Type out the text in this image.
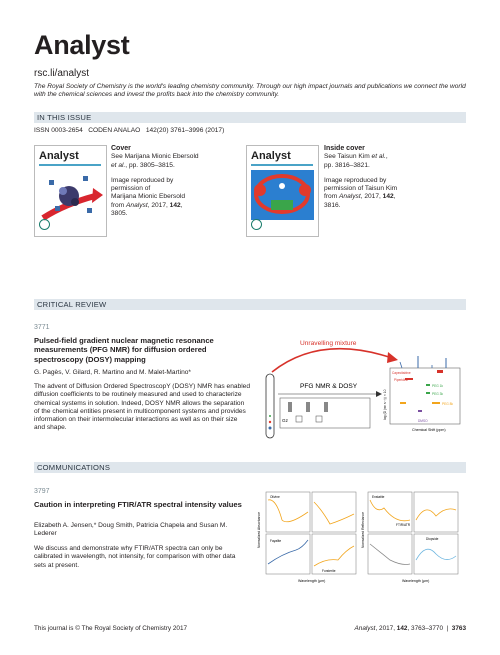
Analyst
rsc.li/analyst
The Royal Society of Chemistry is the world's leading chemistry community. Through our high impact journals and publications we connect the world with the chemical sciences and invest the profits back into the chemistry community.
IN THIS ISSUE
ISSN 0003-2654 CODEN ANALAO 142(20) 3761–3996 (2017)
Analyst
Cover
See Marijana Mionic Ebersold
et al., pp. 3805–3815.
Image reproduced by
permission of
Marijana Mionic Ebersold
from Analyst, 2017, 142,
3805.
Analyst
Inside cover
See Taisun Kim et al.,
pp. 3816–3821.
Image reproduced by
permission of Taisun Kim
from Analyst, 2017, 142,
3816.
CRITICAL REVIEW
3771
Pulsed-field gradient nuclear magnetic resonance measurements (PFG NMR) for diffusion ordered spectroscopy (DOSY) mapping
G. Pagès, V. Gilard, R. Martino and M. Malet-Martino*
The advent of Diffusion Ordered SpectroscopY (DOSY) NMR has enabled diffusion coefficients to be routinely measured and used to characterize chemical systems in solution. Indeed, DOSY NMR allows the separation of the chemical entities present in multicomponent systems and provides information on their intermolecular interactions as well as on their size and shape.
Unravelling mixture
PFG NMR & DOSY
Gz
Capecitabine
Piperidine
PEG 1k
PEG 3k
PEG 8k
DMSO
Chemical Shift (ppm)
log (D (m² s⁻¹)) × 10
COMMUNICATIONS
3797
Caution in interpreting FTIR/ATR spectral intensity values
Elizabeth A. Jensen,* Doug Smith, Patricia Chapela and Susan M. Lederer
We discuss and demonstrate why FTIR/ATR spectra can only be calibrated in wavelength, not intensity, for comparison with other data sets at present.
Normalized Absorbance	Normalized Reflectance
Olivine	Enstatite
Forsterite
Diopside
FTIR/ATR
Fayalite
Wavelength (μm)	Wavelength (μm)
This journal is © The Royal Society of Chemistry 2017	Analyst, 2017, 142, 3763–3770  |  3763
